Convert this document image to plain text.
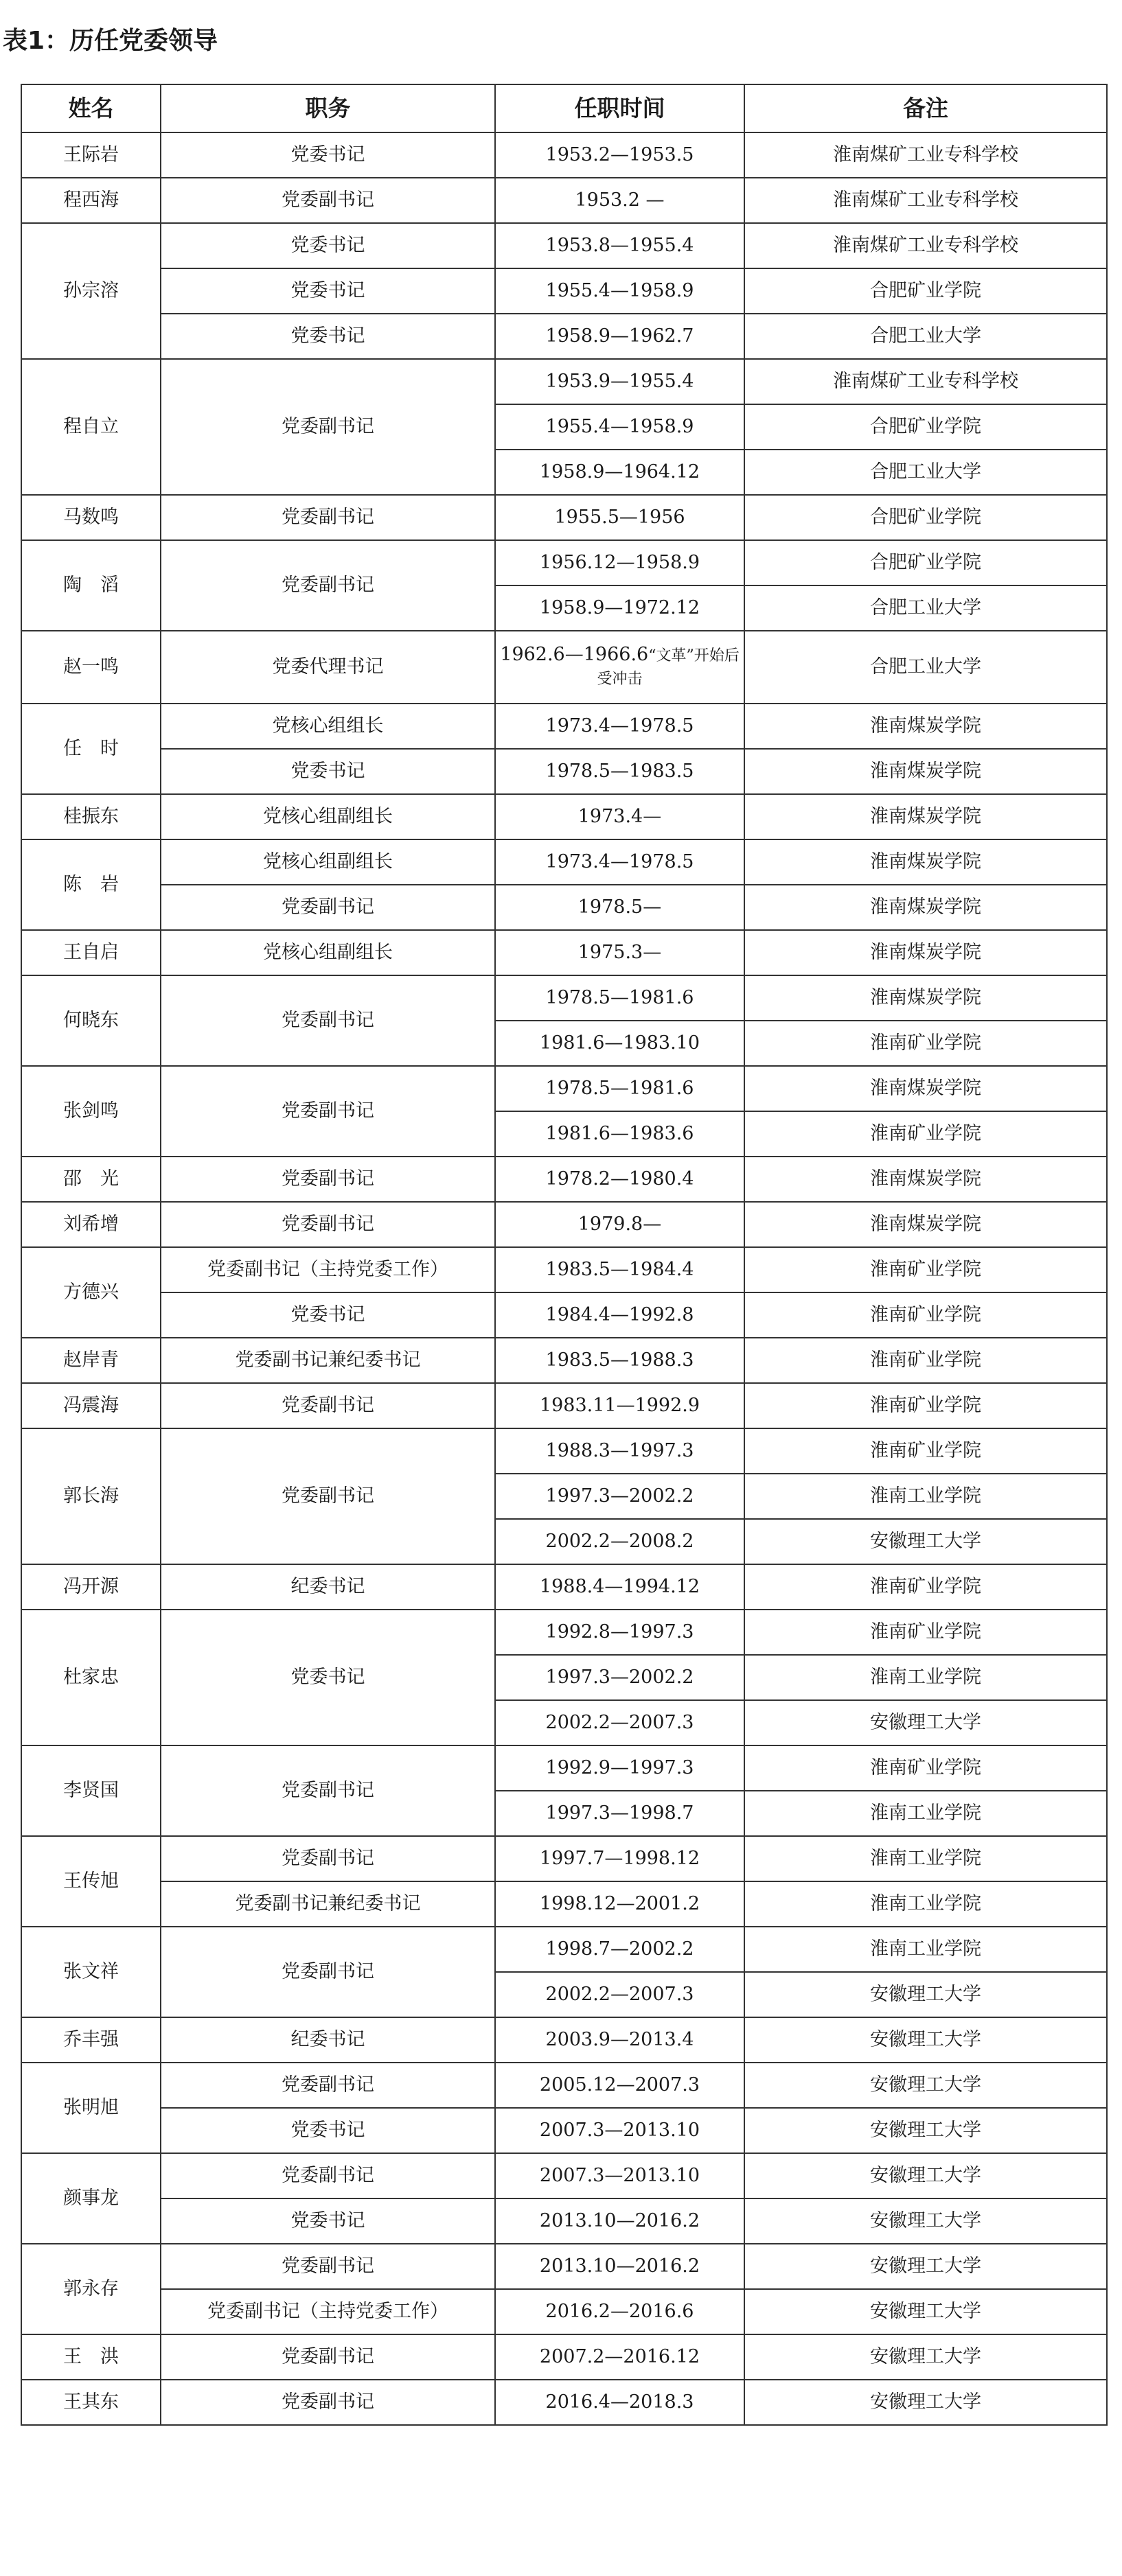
表1：历任党委领导
姓名	职务	任职时间	备注
王际岩	党委书记	1953.2—1953.5	淮南煤矿工业专科学校
程西海	党委副书记	1953.2 —	淮南煤矿工业专科学校
孙宗溶	党委书记	1953.8—1955.4	淮南煤矿工业专科学校
	党委书记	1955.4—1958.9	合肥矿业学院
	党委书记	1958.9—1962.7	合肥工业大学
程自立	党委副书记	1953.9—1955.4	淮南煤矿工业专科学校
		1955.4—1958.9	合肥矿业学院
		1958.9—1964.12	合肥工业大学
马数鸣	党委副书记	1955.5—1956	合肥矿业学院
陶　滔	党委副书记	1956.12—1958.9	合肥矿业学院
		1958.9—1972.12	合肥工业大学
赵一鸣	党委代理书记	1962.6—1966.6“文革”开始后受冲击	合肥工业大学
任　时	党核心组组长	1973.4—1978.5	淮南煤炭学院
	党委书记	1978.5—1983.5	淮南煤炭学院
桂振东	党核心组副组长	1973.4—	淮南煤炭学院
陈　岩	党核心组副组长	1973.4—1978.5	淮南煤炭学院
	党委副书记	1978.5—	淮南煤炭学院
王自启	党核心组副组长	1975.3—	淮南煤炭学院
何晓东	党委副书记	1978.5—1981.6	淮南煤炭学院
		1981.6—1983.10	淮南矿业学院
张剑鸣	党委副书记	1978.5—1981.6	淮南煤炭学院
		1981.6—1983.6	淮南矿业学院
邵　光	党委副书记	1978.2—1980.4	淮南煤炭学院
刘希增	党委副书记	1979.8—	淮南煤炭学院
方德兴	党委副书记（主持党委工作）	1983.5—1984.4	淮南矿业学院
	党委书记	1984.4—1992.8	淮南矿业学院
赵岸青	党委副书记兼纪委书记	1983.5—1988.3	淮南矿业学院
冯震海	党委副书记	1983.11—1992.9	淮南矿业学院
郭长海	党委副书记	1988.3—1997.3	淮南矿业学院
		1997.3—2002.2	淮南工业学院
		2002.2—2008.2	安徽理工大学
冯开源	纪委书记	1988.4—1994.12	淮南矿业学院
杜家忠	党委书记	1992.8—1997.3	淮南矿业学院
		1997.3—2002.2	淮南工业学院
		2002.2—2007.3	安徽理工大学
李贤国	党委副书记	1992.9—1997.3	淮南矿业学院
		1997.3—1998.7	淮南工业学院
王传旭	党委副书记	1997.7—1998.12	淮南工业学院
	党委副书记兼纪委书记	1998.12—2001.2	淮南工业学院
张文祥	党委副书记	1998.7—2002.2	淮南工业学院
		2002.2—2007.3	安徽理工大学
乔丰强	纪委书记	2003.9—2013.4	安徽理工大学
张明旭	党委副书记	2005.12—2007.3	安徽理工大学
	党委书记	2007.3—2013.10	安徽理工大学
颜事龙	党委副书记	2007.3—2013.10	安徽理工大学
	党委书记	2013.10—2016.2	安徽理工大学
郭永存	党委副书记	2013.10—2016.2	安徽理工大学
	党委副书记（主持党委工作）	2016.2—2016.6	安徽理工大学
王　洪	党委副书记	2007.2—2016.12	安徽理工大学
王其东	党委副书记	2016.4—2018.3	安徽理工大学
